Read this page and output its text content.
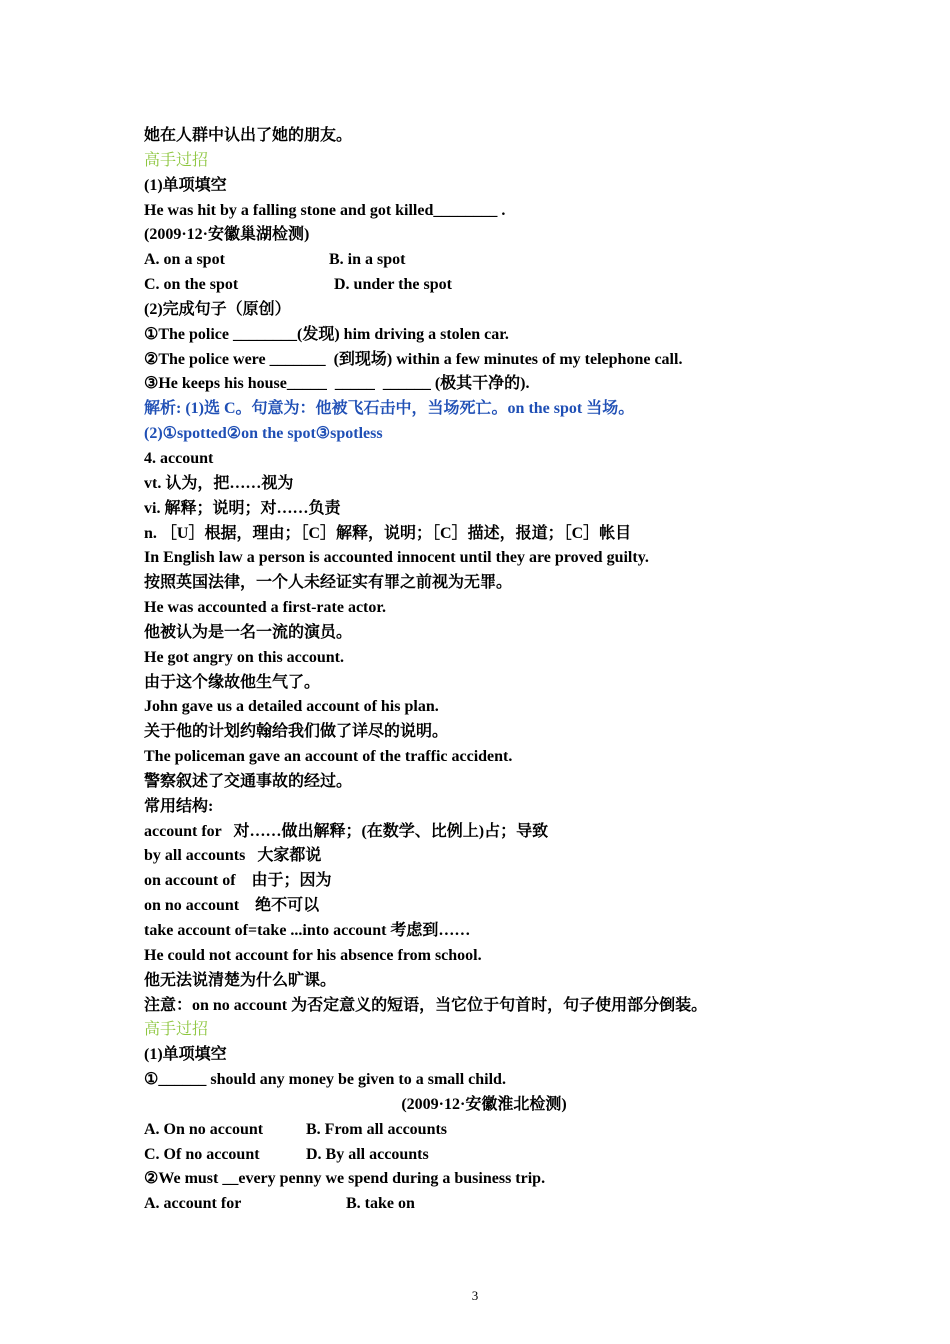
她在人群中认出了她的朋友。

高手过招

(1)单项填空

He was hit by a falling stone and got killed________ .

(2009·12·安徽巢湖检测)

A. on a spot	B. in a spot

C. on the spot	D. under the spot

(2)完成句子（原创）

①The police ________(发现) him driving a stolen car.

②The police were _______  (到现场) within a few minutes of my telephone call.

③He keeps his house_____  _____  ______ (极其干净的).

解析: (1)选 C。句意为：他被飞石击中，当场死亡。on the spot 当场。

(2)①spotted②on the spot③spotless

4. account

vt. 认为，把……视为

vi. 解释；说明；对……负责

n. ［U］根据，理由；［C］解释，说明；［C］描述，报道；［C］帐目

In English law a person is accounted innocent until they are proved guilty.

按照英国法律，一个人未经证实有罪之前视为无罪。

He was accounted a first-rate actor.

他被认为是一名一流的演员。

He got angry on this account.

由于这个缘故他生气了。

John gave us a detailed account of his plan.

关于他的计划约翰给我们做了详尽的说明。

The policeman gave an account of the traffic accident.

警察叙述了交通事故的经过。

常用结构:

account for   对……做出解释；(在数学、比例上)占；导致

by all accounts   大家都说

on account of    由于；因为

on no account    绝不可以

take account of=take ...into account 考虑到……

He could not account for his absence from school.

他无法说清楚为什么旷课。

注意：on no account 为否定意义的短语，当它位于句首时，句子使用部分倒装。

高手过招

(1)单项填空

①______ should any money be given to a small child.

(2009·12·安徽淮北检测)

A. On no account	B. From all accounts

C. Of no account	D. By all accounts

②We must __every penny we spend during a business trip.

A. account for	B. take on

3
